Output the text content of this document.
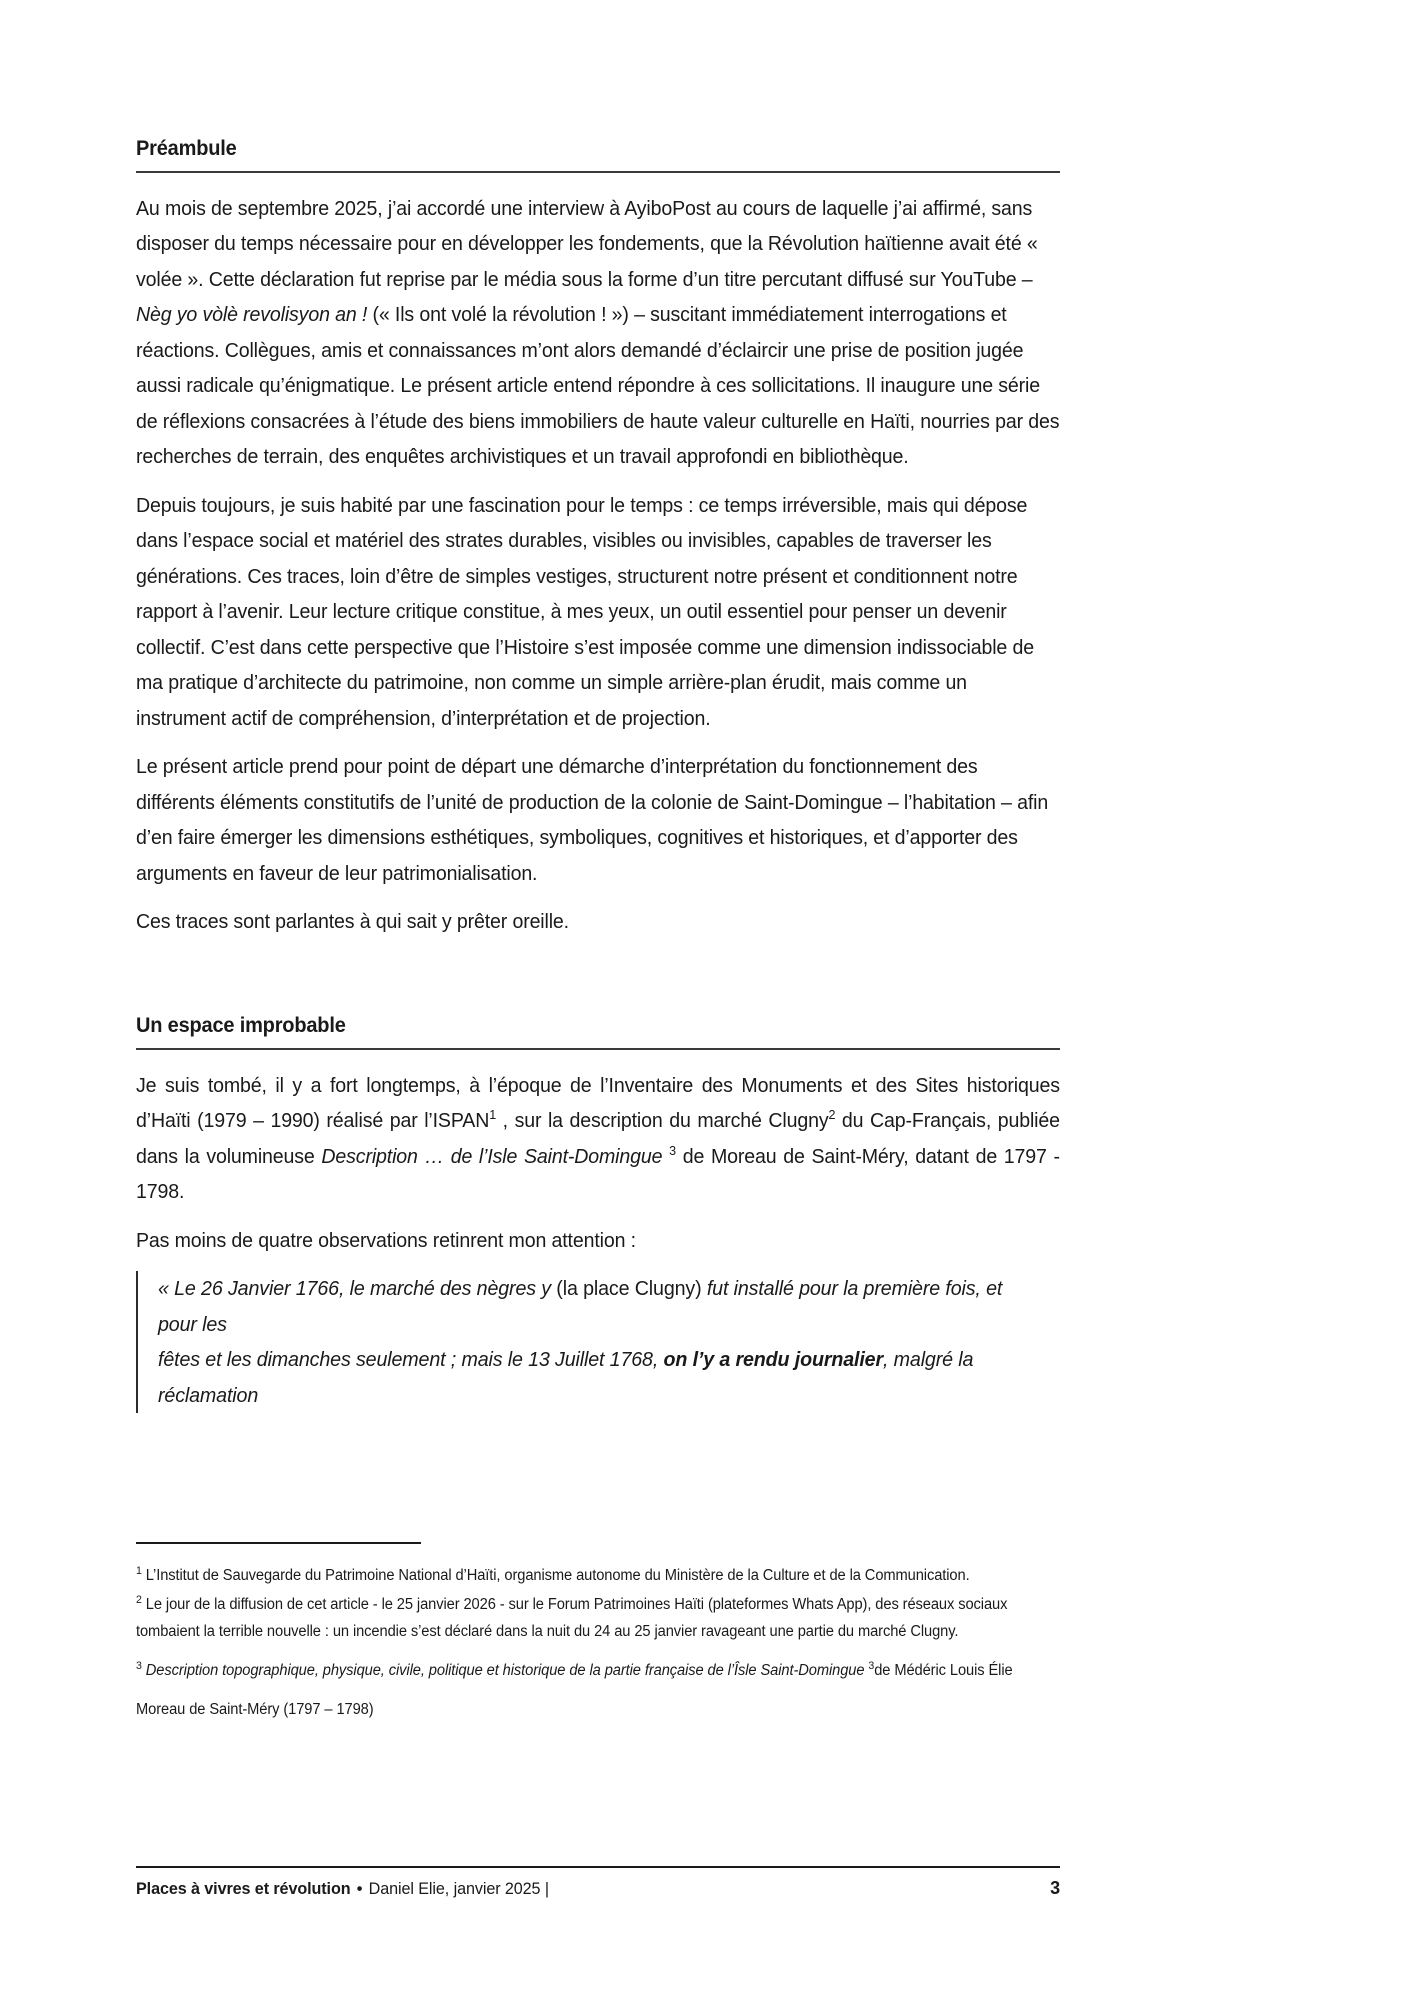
Préambule

Au mois de septembre 2025, j’ai accordé une interview à AyiboPost au cours de laquelle j’ai affirmé, sans disposer du temps nécessaire pour en développer les fondements, que la Révolution haïtienne avait été « volée ». Cette déclaration fut reprise par le média sous la forme d’un titre percutant diffusé sur YouTube – Nèg yo vòlè revolisyon an ! (« Ils ont volé la révolution ! ») – suscitant immédiatement interrogations et réactions. Collègues, amis et connaissances m’ont alors demandé d’éclaircir une prise de position jugée aussi radicale qu’énigmatique. Le présent article entend répondre à ces sollicitations. Il inaugure une série de réflexions consacrées à l’étude des biens immobiliers de haute valeur culturelle en Haïti, nourries par des recherches de terrain, des enquêtes archivistiques et un travail approfondi en bibliothèque.

Depuis toujours, je suis habité par une fascination pour le temps : ce temps irréversible, mais qui dépose dans l’espace social et matériel des strates durables, visibles ou invisibles, capables de traverser les générations. Ces traces, loin d’être de simples vestiges, structurent notre présent et conditionnent notre rapport à l’avenir. Leur lecture critique constitue, à mes yeux, un outil essentiel pour penser un devenir collectif. C’est dans cette perspective que l’Histoire s’est imposée comme une dimension indissociable de ma pratique d’architecte du patrimoine, non comme un simple arrière-plan érudit, mais comme un instrument actif de compréhension, d’interprétation et de projection.

Le présent article prend pour point de départ une démarche d’interprétation du fonctionnement des différents éléments constitutifs de l’unité de production de la colonie de Saint-Domingue – l’habitation – afin d’en faire émerger les dimensions esthétiques, symboliques, cognitives et historiques, et d’apporter des arguments en faveur de leur patrimonialisation.

Ces traces sont parlantes à qui sait y prêter oreille.

Un espace improbable

Je suis tombé, il y a fort longtemps, à l’époque de l’Inventaire des Monuments et des Sites historiques d’Haïti (1979 – 1990) réalisé par l’ISPAN$^1$ , sur la description du marché Clugny$^2$ du Cap-Français, publiée dans la volumineuse Description … de l’Isle Saint-Domingue $^3$ de Moreau de Saint-Méry, datant de 1797 - 1798.

Pas moins de quatre observations retinrent mon attention :

« Le 26 Janvier 1766, le marché des nègres y (la place Clugny) fut installé pour la première fois, et pour les
fêtes et les dimanches seulement ; mais le 13 Juillet 1768, on l’y a rendu journalier, malgré la réclamation
$^1$ L’Institut de Sauvegarde du Patrimoine National d’Haïti, organisme autonome du Ministère de la Culture et de la Communication.
$^2$ Le jour de la diffusion de cet article - le 25 janvier 2026 - sur le Forum Patrimoines Haïti (plateformes Whats App), des réseaux sociaux tombaient la terrible nouvelle : un incendie s’est déclaré dans la nuit du 24 au 25 janvier ravageant une partie du marché Clugny.
$^3$ Description topographique, physique, civile, politique et historique de la partie française de l’Îsle Saint-Domingue $^3$de Médéric Louis Élie
Moreau de Saint-Méry (1797 – 1798)
Places à vivres et révolution • Daniel Elie, janvier 2025 |	3
